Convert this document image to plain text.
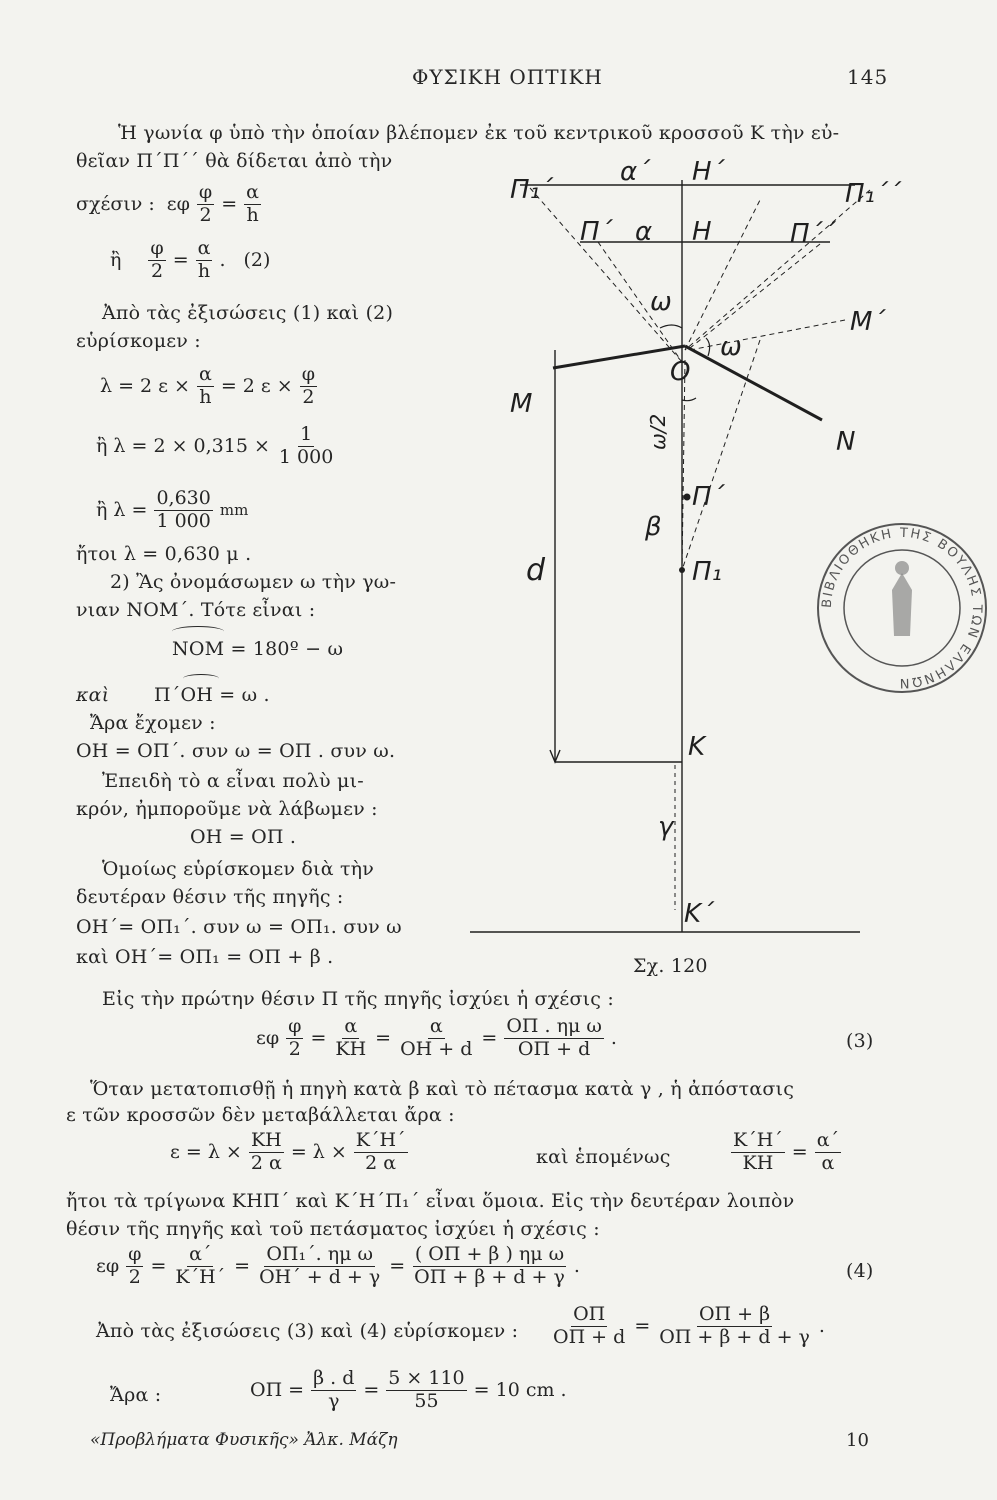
ΦΥΣΙΚΗ ΟΠΤΙΚΗ	145
Ἡ γωνία φ ὑπὸ τὴν ὁποίαν βλέπομεν ἐκ τοῦ κεντρικοῦ κροσσοῦ Κ τὴν εὐ-
θεῖαν Π΄Π΄΄ θὰ δίδεται ἀπὸ τὴν
σχέσιν : εφ $\frac{\varphi}{2} = \frac{\alpha}{h}$
ἢ $\frac{\varphi}{2} = \frac{\alpha}{h}$ . (2)
Ἀπὸ τὰς ἐξισώσεις (1) καὶ (2)
εὑρίσκομεν :
λ = 2 $\varepsilon \times \frac{\alpha}{h} = 2$ $\varepsilon \times \frac{\varphi}{2}$
ἢ $\lambda = 2 \times 0,315 \times \frac{1}{1 000}$
ἢ $\lambda = \frac{0,630}{1 000}$ mm
ἤτοι λ = 0,630 μ .
2) Ἂς ὀνομάσωμεν ω τὴν γω-
νιαν ΝΟΜ΄. Τότε εἶναι :
ΝΟΜ = 180º − ω
καὶ Π΄ΟΗ = ω .
Ἄρα ἔχομεν :
ΟΗ = ΟΠ΄. συν ω = ΟΠ . συν ω.
Ἐπειδὴ τὸ α εἶναι πολὺ μι-
κρόν, ἠμποροῦμε νὰ λάβωμεν :
ΟΗ = ΟΠ .
Ὁμοίως εὑρίσκομεν διὰ τὴν
δευτέραν θέσιν τῆς πηγῆς :
ΟΗ΄= ΟΠ₁΄. συν ω = ΟΠ₁. συν ω
καὶ ΟΗ΄= ΟΠ₁ = ΟΠ + β .
Π₁΄
α΄ Η΄
Π₁΄΄
Π΄ α Η	Π΄΄
ω
Μ΄
Ο
ω
Μ
Ν
ω/2
Π΄
β
Π₁
d
Κ
γ
Κ΄
ΒΙΒΛΙΟΘΗΚΗ ΤΗΣ ΒΟΥΛΗΣ ΤΩΝ ΕΛΛΗΝΩΝ
Σχ. 120
Εἰς τὴν πρώτην θέσιν Π τῆς πηγῆς ἰσχύει ἡ σχέσις :
εφ $\frac{\varphi}{2} = \frac{\alpha}{KH} = \frac{\alpha}{OH + d} = \frac{\text{ΟΠ . ημ ω}}{O\Pi + d}$ .	(3)
Ὅταν μετατοπισθῇ ἡ πηγὴ κατὰ β καὶ τὸ πέτασμα κατὰ γ , ἡ ἀπόστασις
ε τῶν κροσσῶν δὲν μεταβάλλεται ἄρα :
$\varepsilon = \lambda \times \frac{KH}{2 \alpha} = \lambda \times \frac{K΄H΄}{2 \alpha}$	καὶ ἑπομένως	$\frac{K΄H΄}{KH} = \frac{\alpha΄}{\alpha}$
ἤτοι τὰ τρίγωνα ΚΗΠ΄ καὶ Κ΄Η΄Π₁΄ εἶναι ὅμοια. Εἰς τὴν δευτέραν λοιπὸν
θέσιν τῆς πηγῆς καὶ τοῦ πετάσματος ἰσχύει ἡ σχέσις :
εφ $\frac{\varphi}{2} = \frac{\alpha΄}{K΄H΄} = \frac{\text{ΟΠ₁΄. ημ ω}}{OH΄ + d + \gamma} = \frac{\text{( ΟΠ + β ) ημ ω}}{O\Pi + \beta + d + \gamma}$ .	(4)
Ἀπὸ τὰς ἐξισώσεις (3) καὶ (4) εὑρίσκομεν : $\frac{O\Pi}{O\Pi + d} = \frac{O\Pi + \beta}{O\Pi + \beta + d + \gamma}$ .
Ἄρα :	$O\Pi = \frac{\beta . d}{\gamma} = \frac{5 \times 110}{55} = 10$ cm .
«Προβλήματα Φυσικῆς» Ἀλκ. Μάζη	10
